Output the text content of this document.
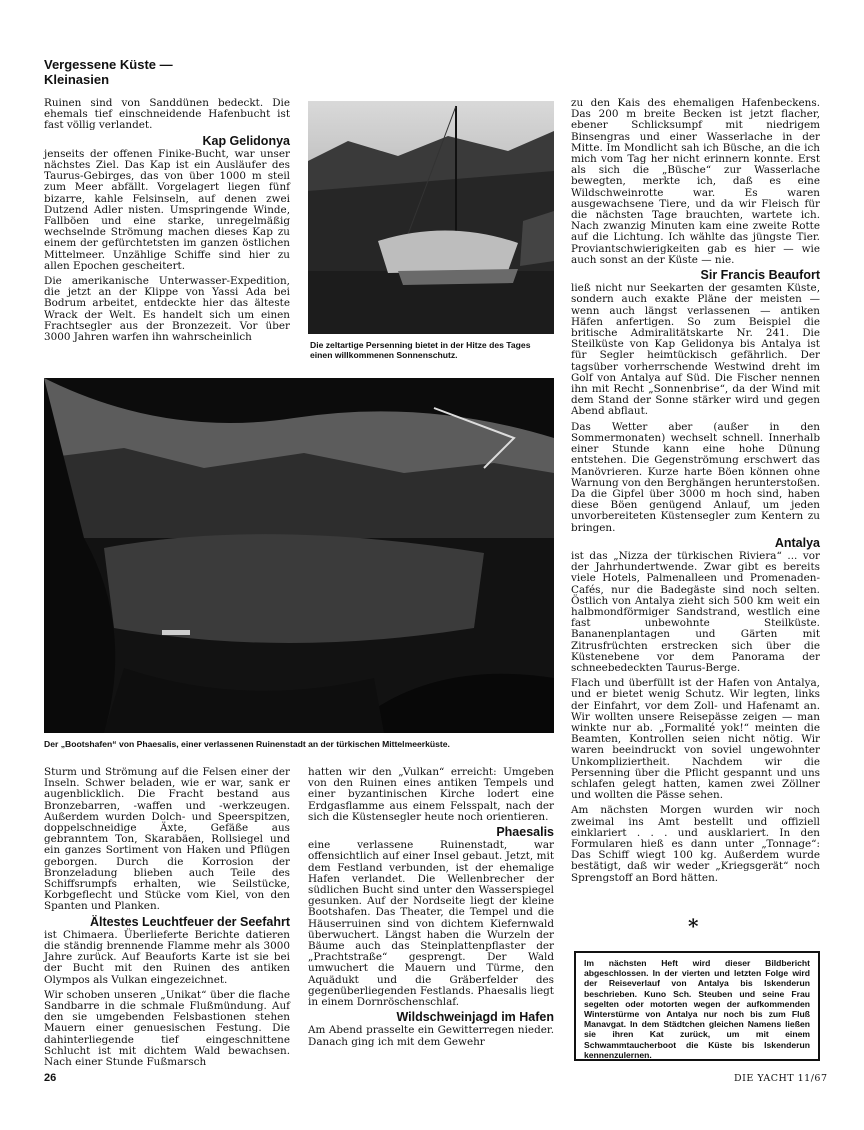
Vergessene Küste —
Kleinasien

Ruinen sind von Sanddünen bedeckt. Die ehemals tief einschneidende Hafenbucht ist fast völlig verlandet.

Kap Gelidonya

jenseits der offenen Finike-Bucht, war unser nächstes Ziel. Das Kap ist ein Ausläufer des Taurus-Gebirges, das von über 1000 m steil zum Meer abfällt. Vorgelagert liegen fünf bizarre, kahle Felsinseln, auf denen zwei Dutzend Adler nisten. Umspringende Winde, Fallböen und eine starke, unregelmäßig wechselnde Strömung machen dieses Kap zu einem der gefürchtetsten im ganzen östlichen Mittelmeer. Unzählige Schiffe sind hier zu allen Epochen gescheitert.

Die amerikanische Unterwasser-Expedition, die jetzt an der Klippe von Yassi Ada bei Bodrum arbeitet, entdeckte hier das älteste Wrack der Welt. Es handelt sich um einen Frachtsegler aus der Bronzezeit. Vor über 3000 Jahren warfen ihn wahrscheinlich

Die zeltartige Persenning bietet in der Hitze des Tages einen willkommenen Sonnenschutz.

zu den Kais des ehemaligen Hafenbeckens. Das 200 m breite Becken ist jetzt flacher, ebener Schlicksumpf mit niedrigem Binsengras und einer Wasserlache in der Mitte. Im Mondlicht sah ich Büsche, an die ich mich vom Tag her nicht erinnern konnte. Erst als sich die „Büsche“ zur Wasserlache bewegten, merkte ich, daß es eine Wildschweinrotte war. Es waren ausgewachsene Tiere, und da wir Fleisch für die nächsten Tage brauchten, wartete ich. Nach zwanzig Minuten kam eine zweite Rotte auf die Lichtung. Ich wählte das jüngste Tier. Proviantschwierigkeiten gab es hier — wie auch sonst an der Küste — nie.

Sir Francis Beaufort

ließ nicht nur Seekarten der gesamten Küste, sondern auch exakte Pläne der meisten — wenn auch längst verlassenen — antiken Häfen anfertigen. So zum Beispiel die britische Admiralitätskarte Nr. 241. Die Steilküste von Kap Gelidonya bis Antalya ist für Segler heimtückisch gefährlich. Der tagsüber vorherrschende Westwind dreht im Golf von Antalya auf Süd. Die Fischer nennen ihn mit Recht „Sonnenbrise“, da der Wind mit dem Stand der Sonne stärker wird und gegen Abend abflaut.

Das Wetter aber (außer in den Sommermonaten) wechselt schnell. Innerhalb einer Stunde kann eine hohe Dünung entstehen. Die Gegenströmung erschwert das Manövrieren. Kurze harte Böen können ohne Warnung von den Berghängen herunterstoßen. Da die Gipfel über 3000 m hoch sind, haben diese Böen genügend Anlauf, um jeden unvorbereiteten Küstensegler zum Kentern zu bringen.

Antalya

ist das „Nizza der türkischen Riviera“ ... vor der Jahrhundertwende. Zwar gibt es bereits viele Hotels, Palmenalleen und Promenaden-Cafés, nur die Badegäste sind noch selten. Östlich von Antalya zieht sich 500 km weit ein halbmondförmiger Sandstrand, westlich eine fast unbewohnte Steilküste. Bananenplantagen und Gärten mit Zitrusfrüchten erstrecken sich über die Küstenebene vor dem Panorama der schneebedeckten Taurus-Berge.

Flach und überfüllt ist der Hafen von Antalya, und er bietet wenig Schutz. Wir legten, links der Einfahrt, vor dem Zoll- und Hafenamt an. Wir wollten unsere Reisepässe zeigen — man winkte nur ab. „Formalité yok!“ meinten die Beamten, Kontrollen seien nicht nötig. Wir waren beeindruckt von soviel ungewohnter Unkompliziertheit. Nachdem wir die Persenning über die Pflicht gespannt und uns schlafen gelegt hatten, kamen zwei Zöllner und wollten die Pässe sehen.

Am nächsten Morgen wurden wir noch zweimal ins Amt bestellt und offiziell einklariert . . . und ausklariert. In den Formularen hieß es dann unter „Tonnage“: Das Schiff wiegt 100 kg. Außerdem wurde bestätigt, daß wir weder „Kriegsgerät“ noch Sprengstoff an Bord hätten.

*
Der „Bootshafen“ von Phaesalis, einer verlassenen Ruinenstadt an der türkischen Mittelmeerküste.

Sturm und Strömung auf die Felsen einer der Inseln. Schwer beladen, wie er war, sank er augenblicklich. Die Fracht bestand aus Bronzebarren, -waffen und -werkzeugen. Außerdem wurden Dolch- und Speerspitzen, doppelschneidige Äxte, Gefäße aus gebranntem Ton, Skarabäen, Rollsiegel und ein ganzes Sortiment von Haken und Pflügen geborgen. Durch die Korrosion der Bronzeladung blieben auch Teile des Schiffsrumpfs erhalten, wie Seilstücke, Korbgeflecht und Stücke vom Kiel, von den Spanten und Planken.

Ältestes Leuchtfeuer der Seefahrt

ist Chimaera. Überlieferte Berichte datieren die ständig brennende Flamme mehr als 3000 Jahre zurück. Auf Beauforts Karte ist sie bei der Bucht mit den Ruinen des antiken Olympos als Vulkan eingezeichnet.

Wir schoben unseren „Unikat“ über die flache Sandbarre in die schmale Flußmündung. Auf den sie umgebenden Felsbastionen stehen Mauern einer genuesischen Festung. Die dahinterliegende tief eingeschnittene Schlucht ist mit dichtem Wald bewachsen. Nach einer Stunde Fußmarsch

hatten wir den „Vulkan“ erreicht: Umgeben von den Ruinen eines antiken Tempels und einer byzantinischen Kirche lodert eine Erdgasflamme aus einem Felsspalt, nach der sich die Küstensegler heute noch orientieren.

Phaesalis

eine verlassene Ruinenstadt, war offensichtlich auf einer Insel gebaut. Jetzt, mit dem Festland verbunden, ist der ehemalige Hafen verlandet. Die Wellenbrecher der südlichen Bucht sind unter den Wasserspiegel gesunken. Auf der Nordseite liegt der kleine Bootshafen. Das Theater, die Tempel und die Häuserruinen sind von dichtem Kiefernwald überwuchert. Längst haben die Wurzeln der Bäume auch das Steinplattenpflaster der „Prachtstraße“ gesprengt. Der Wald umwuchert die Mauern und Türme, den Aquädukt und die Gräberfelder des gegenüberliegenden Festlands. Phaesalis liegt in einem Dornröschenschlaf.

Wildschweinjagd im Hafen

Am Abend prasselte ein Gewitterregen nieder. Danach ging ich mit dem Gewehr

Im nächsten Heft wird dieser Bildbericht abgeschlossen. In der vierten und letzten Folge wird der Reiseverlauf von Antalya bis Iskenderun beschrieben. Kuno Sch. Steuben und seine Frau segelten oder motorten wegen der aufkommenden Winterstürme von Antalya nur noch bis zum Fluß Manavgat. In dem Städtchen gleichen Namens ließen sie ihren Kat zurück, um mit einem Schwammtaucherboot die Küste bis Iskenderun kennenzulernen.
26	DIE YACHT 11/67
